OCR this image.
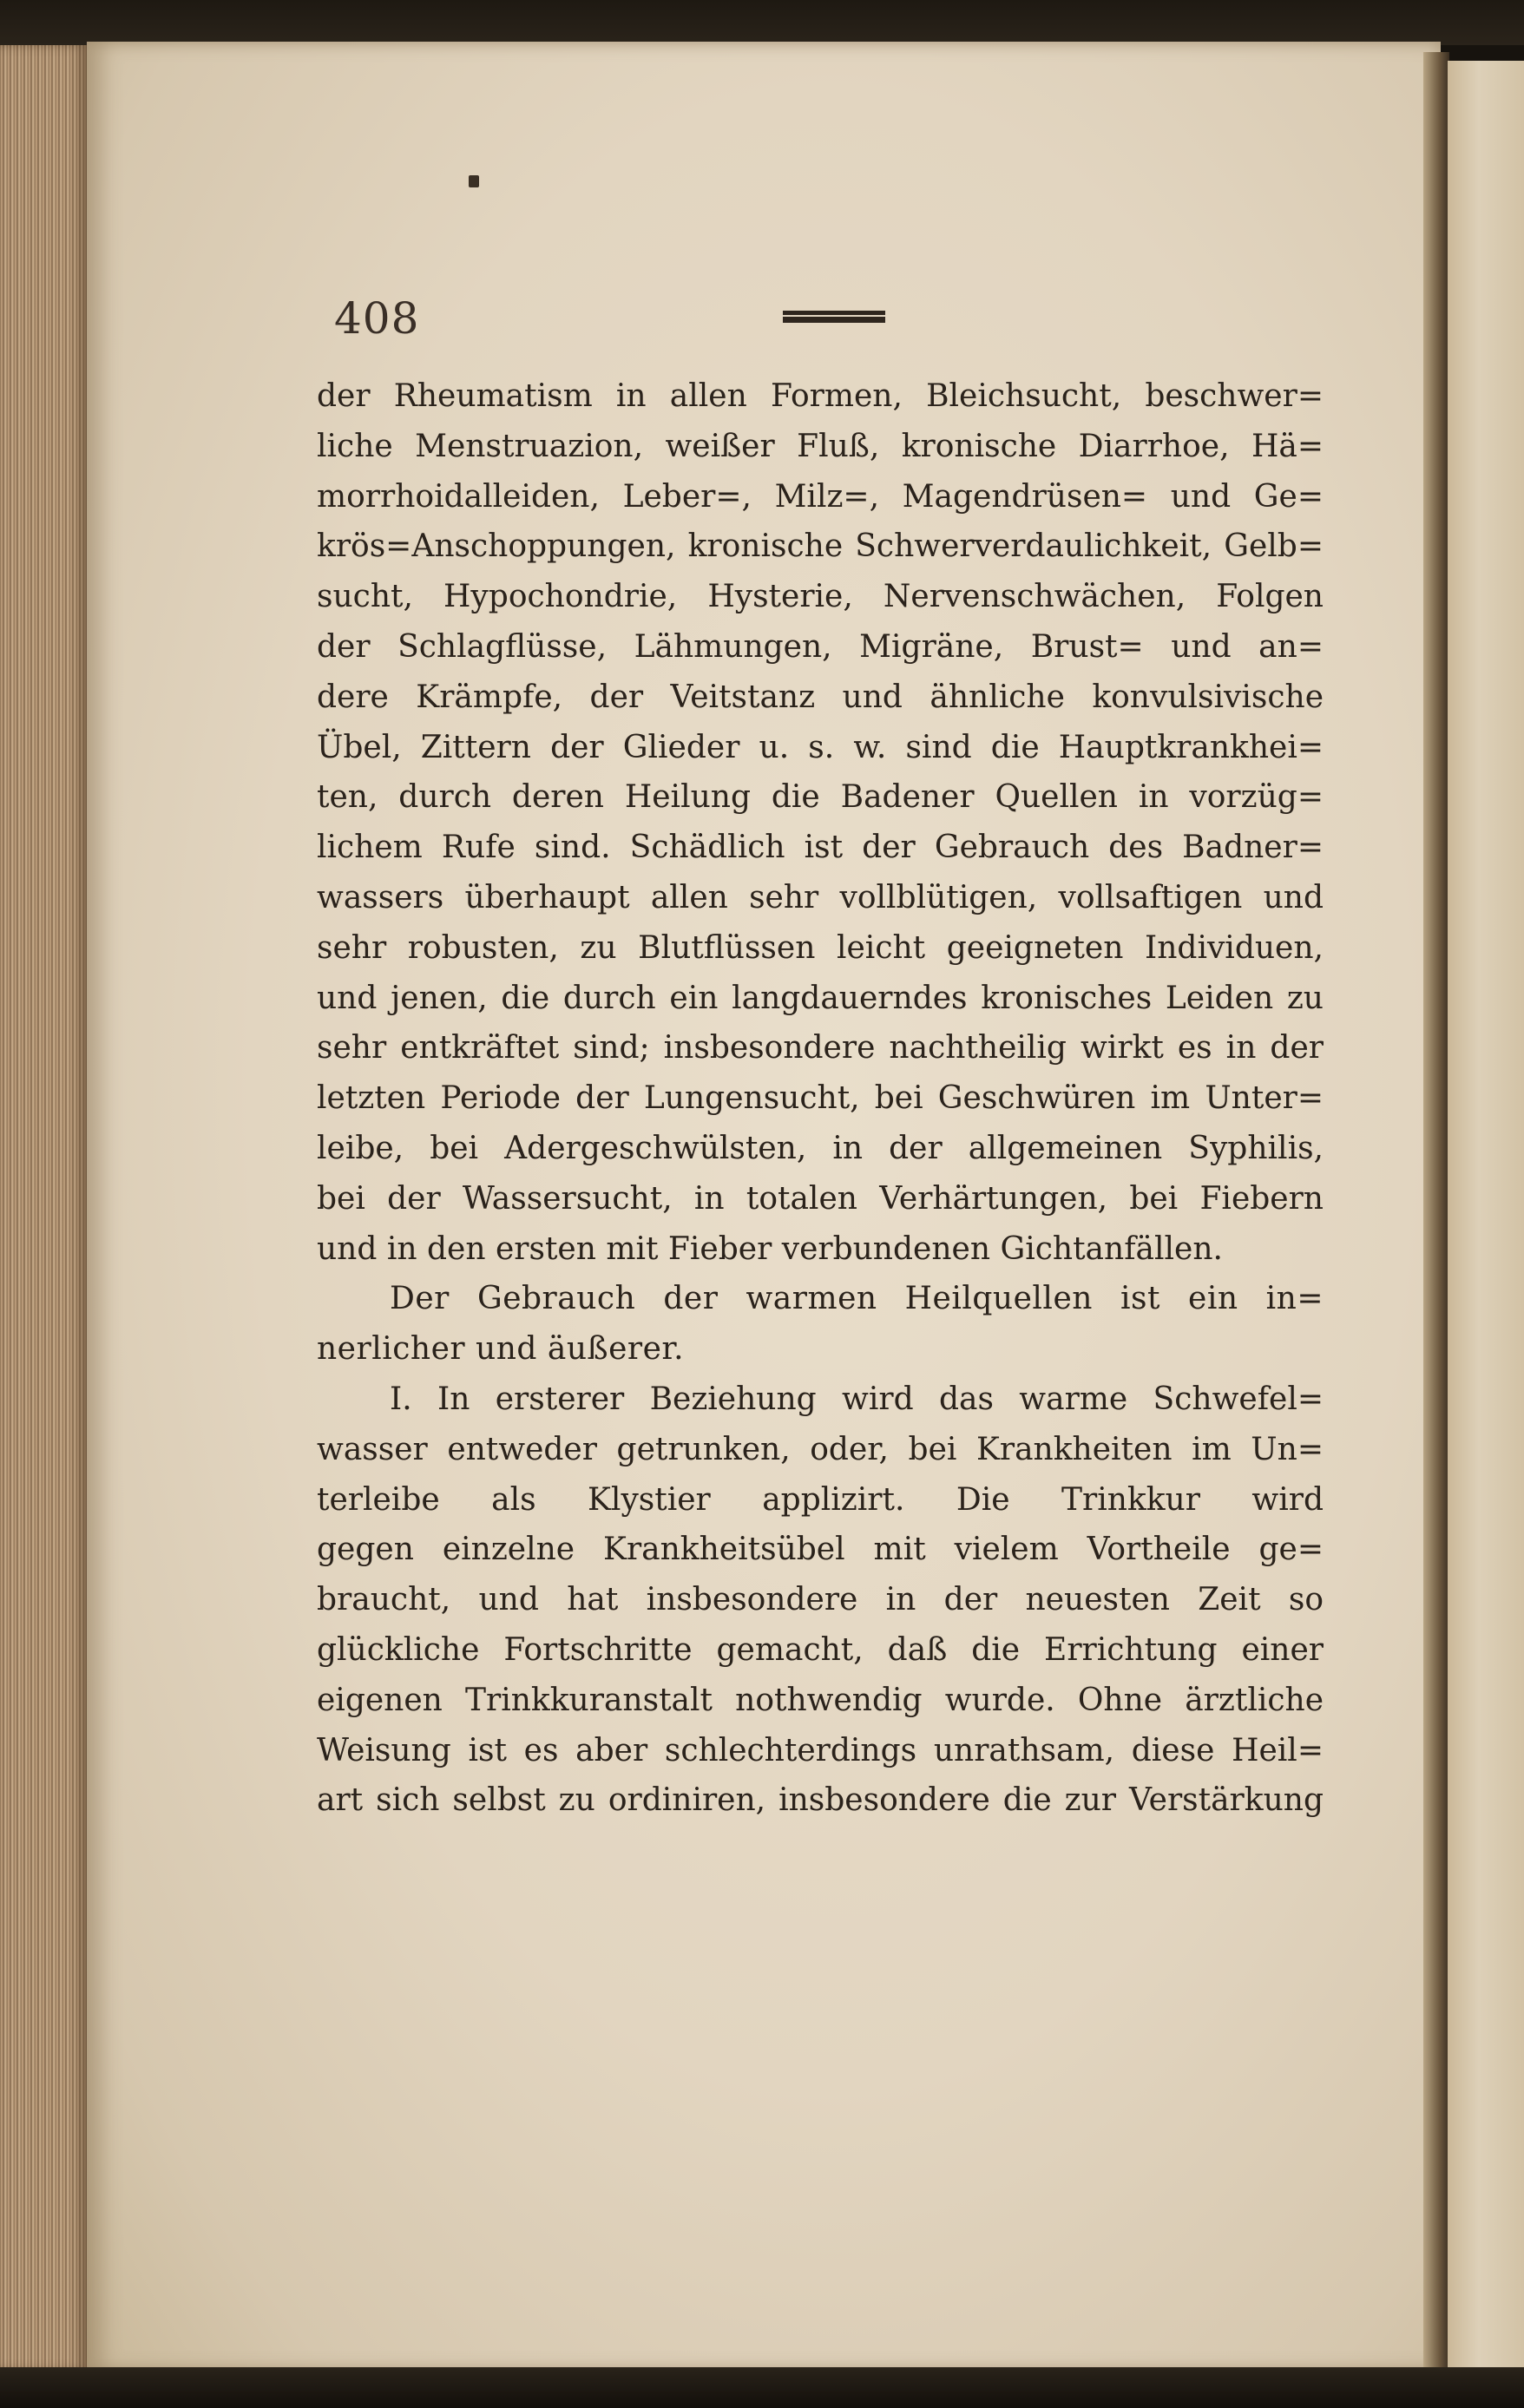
408
der Rheumatism in allen Formen, Bleichsucht, beschwer=
liche Menstruazion, weißer Fluß, kronische Diarrhoe, Hä=
morrhoidalleiden, Leber=, Milz=, Magendrüsen= und Ge=
krös=Anschoppungen, kronische Schwerverdaulichkeit, Gelb=
sucht, Hypochondrie, Hysterie, Nervenschwächen, Folgen
der Schlagflüsse, Lähmungen, Migräne, Brust= und an=
dere Krämpfe, der Veitstanz und ähnliche konvulsivische
Übel, Zittern der Glieder u. s. w. sind die Hauptkrankhei=
ten, durch deren Heilung die Badener Quellen in vorzüg=
lichem Rufe sind. Schädlich ist der Gebrauch des Badner=
wassers überhaupt allen sehr vollblütigen, vollsaftigen und
sehr robusten, zu Blutflüssen leicht geeigneten Individuen,
und jenen, die durch ein langdauerndes kronisches Leiden zu
sehr entkräftet sind; insbesondere nachtheilig wirkt es in der
letzten Periode der Lungensucht, bei Geschwüren im Unter=
leibe, bei Adergeschwülsten, in der allgemeinen Syphilis,
bei der Wassersucht, in totalen Verhärtungen, bei Fiebern
und in den ersten mit Fieber verbundenen Gichtanfällen.
Der Gebrauch der warmen Heilquellen ist ein in=
nerlicher und äußerer.
I. In ersterer Beziehung wird das warme Schwefel=
wasser entweder getrunken, oder, bei Krankheiten im Un=
terleibe als Klystier applizirt. Die Trinkkur wird
gegen einzelne Krankheitsübel mit vielem Vortheile ge=
braucht, und hat insbesondere in der neuesten Zeit so
glückliche Fortschritte gemacht, daß die Errichtung einer
eigenen Trinkkuranstalt nothwendig wurde. Ohne ärztliche
Weisung ist es aber schlechterdings unrathsam, diese Heil=
art sich selbst zu ordiniren, insbesondere die zur Verstärkung
